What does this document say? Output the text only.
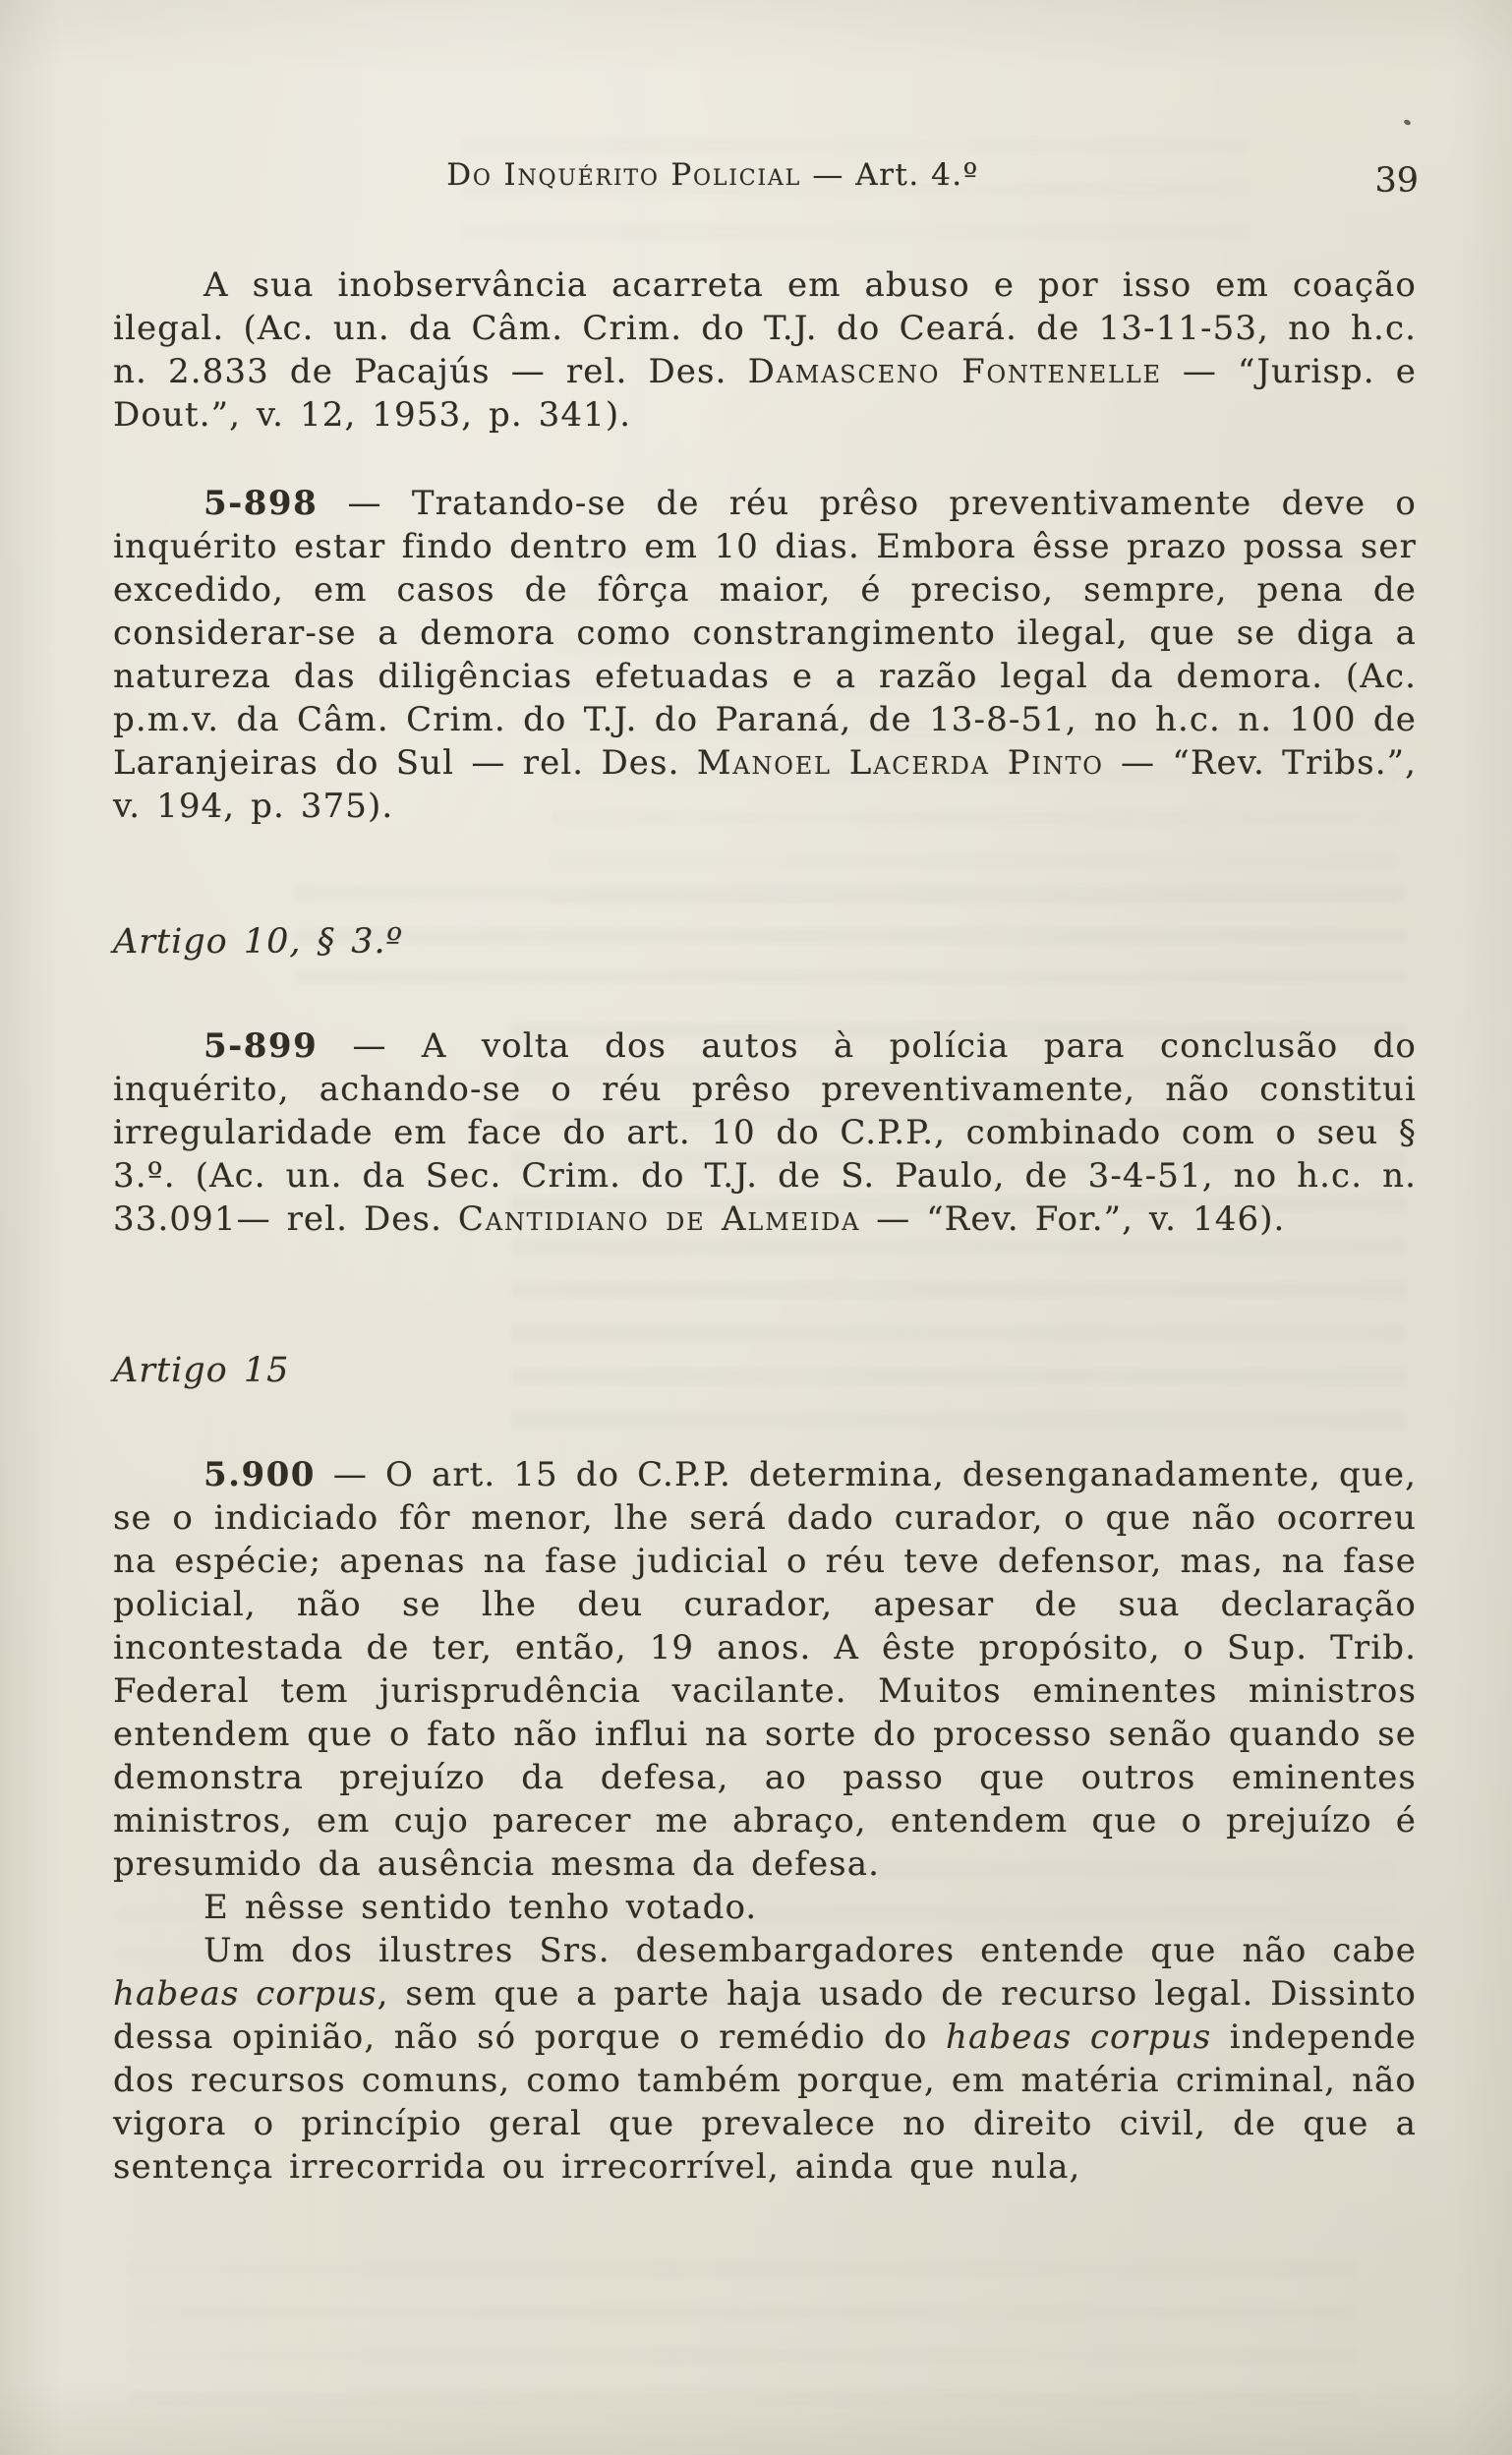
Do Inquérito Policial — Art. 4.º	39

A sua inobservância acarreta em abuso e por isso em coação ilegal. (Ac. un. da Câm. Crim. do T.J. do Ceará. de 13-11-53, no h.c. n. 2.833 de Pacajús — rel. Des. Damasceno Fontenelle — “Jurisp. e Dout.”, v. 12, 1953, p. 341).

5-898 — Tratando-se de réu prêso preventivamente deve o inquérito estar findo dentro em 10 dias. Embora êsse prazo possa ser excedido, em casos de fôrça maior, é preciso, sempre, pena de considerar-se a demora como constrangimento ilegal, que se diga a natureza das diligências efetuadas e a razão legal da demora. (Ac. p.m.v. da Câm. Crim. do T.J. do Paraná, de 13-8-51, no h.c. n. 100 de Laranjeiras do Sul — rel. Des. Manoel Lacerda Pinto — “Rev. Tribs.”, v. 194, p. 375).

Artigo 10, § 3.º

5-899 — A volta dos autos à polícia para conclusão do inquérito, achando-se o réu prêso preventivamente, não constitui irregularidade em face do art. 10 do C.P.P., combinado com o seu § 3.º. (Ac. un. da Sec. Crim. do T.J. de S. Paulo, de 3-4-51, no h.c. n. 33.091— rel. Des. Cantidiano de Almeida — “Rev. For.”, v. 146).

Artigo 15

5.900 — O art. 15 do C.P.P. determina, desenganadamente, que, se o indiciado fôr menor, lhe será dado curador, o que não ocorreu na espécie; apenas na fase judicial o réu teve defensor, mas, na fase policial, não se lhe deu curador, apesar de sua declaração incontestada de ter, então, 19 anos. A êste propósito, o Sup. Trib. Federal tem jurisprudência vacilante. Muitos eminentes ministros entendem que o fato não influi na sorte do processo senão quando se demonstra prejuízo da defesa, ao passo que outros eminentes ministros, em cujo parecer me abraço, entendem que o prejuízo é presumido da ausência mesma da defesa.

E nêsse sentido tenho votado.

Um dos ilustres Srs. desembargadores entende que não cabe habeas corpus, sem que a parte haja usado de recurso legal. Dissinto dessa opinião, não só porque o remédio do habeas corpus independe dos recursos comuns, como também porque, em matéria criminal, não vigora o princípio geral que prevalece no direito civil, de que a sentença irrecorrida ou irrecorrível, ainda que nula,
